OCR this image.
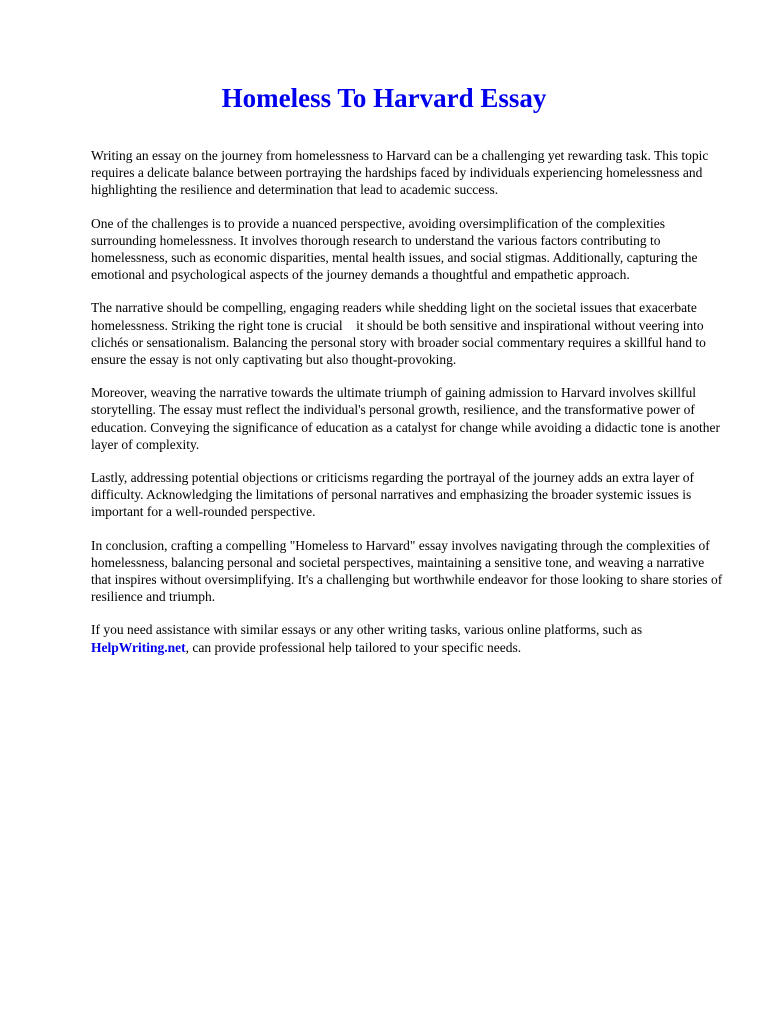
Homeless To Harvard Essay

Writing an essay on the journey from homelessness to Harvard can be a challenging yet rewarding task. This topic requires a delicate balance between portraying the hardships faced by individuals experiencing homelessness and highlighting the resilience and determination that lead to academic success.

One of the challenges is to provide a nuanced perspective, avoiding oversimplification of the complexities surrounding homelessness. It involves thorough research to understand the various factors contributing to homelessness, such as economic disparities, mental health issues, and social stigmas. Additionally, capturing the emotional and psychological aspects of the journey demands a thoughtful and empathetic approach.

The narrative should be compelling, engaging readers while shedding light on the societal issues that exacerbate homelessness. Striking the right tone is crucial    it should be both sensitive and inspirational without veering into clichés or sensationalism. Balancing the personal story with broader social commentary requires a skillful hand to ensure the essay is not only captivating but also thought-provoking.

Moreover, weaving the narrative towards the ultimate triumph of gaining admission to Harvard involves skillful storytelling. The essay must reflect the individual's personal growth, resilience, and the transformative power of education. Conveying the significance of education as a catalyst for change while avoiding a didactic tone is another layer of complexity.

Lastly, addressing potential objections or criticisms regarding the portrayal of the journey adds an extra layer of difficulty. Acknowledging the limitations of personal narratives and emphasizing the broader systemic issues is important for a well-rounded perspective.

In conclusion, crafting a compelling "Homeless to Harvard" essay involves navigating through the complexities of homelessness, balancing personal and societal perspectives, maintaining a sensitive tone, and weaving a narrative that inspires without oversimplifying. It's a challenging but worthwhile endeavor for those looking to share stories of resilience and triumph.

If you need assistance with similar essays or any other writing tasks, various online platforms, such as HelpWriting.net, can provide professional help tailored to your specific needs.
